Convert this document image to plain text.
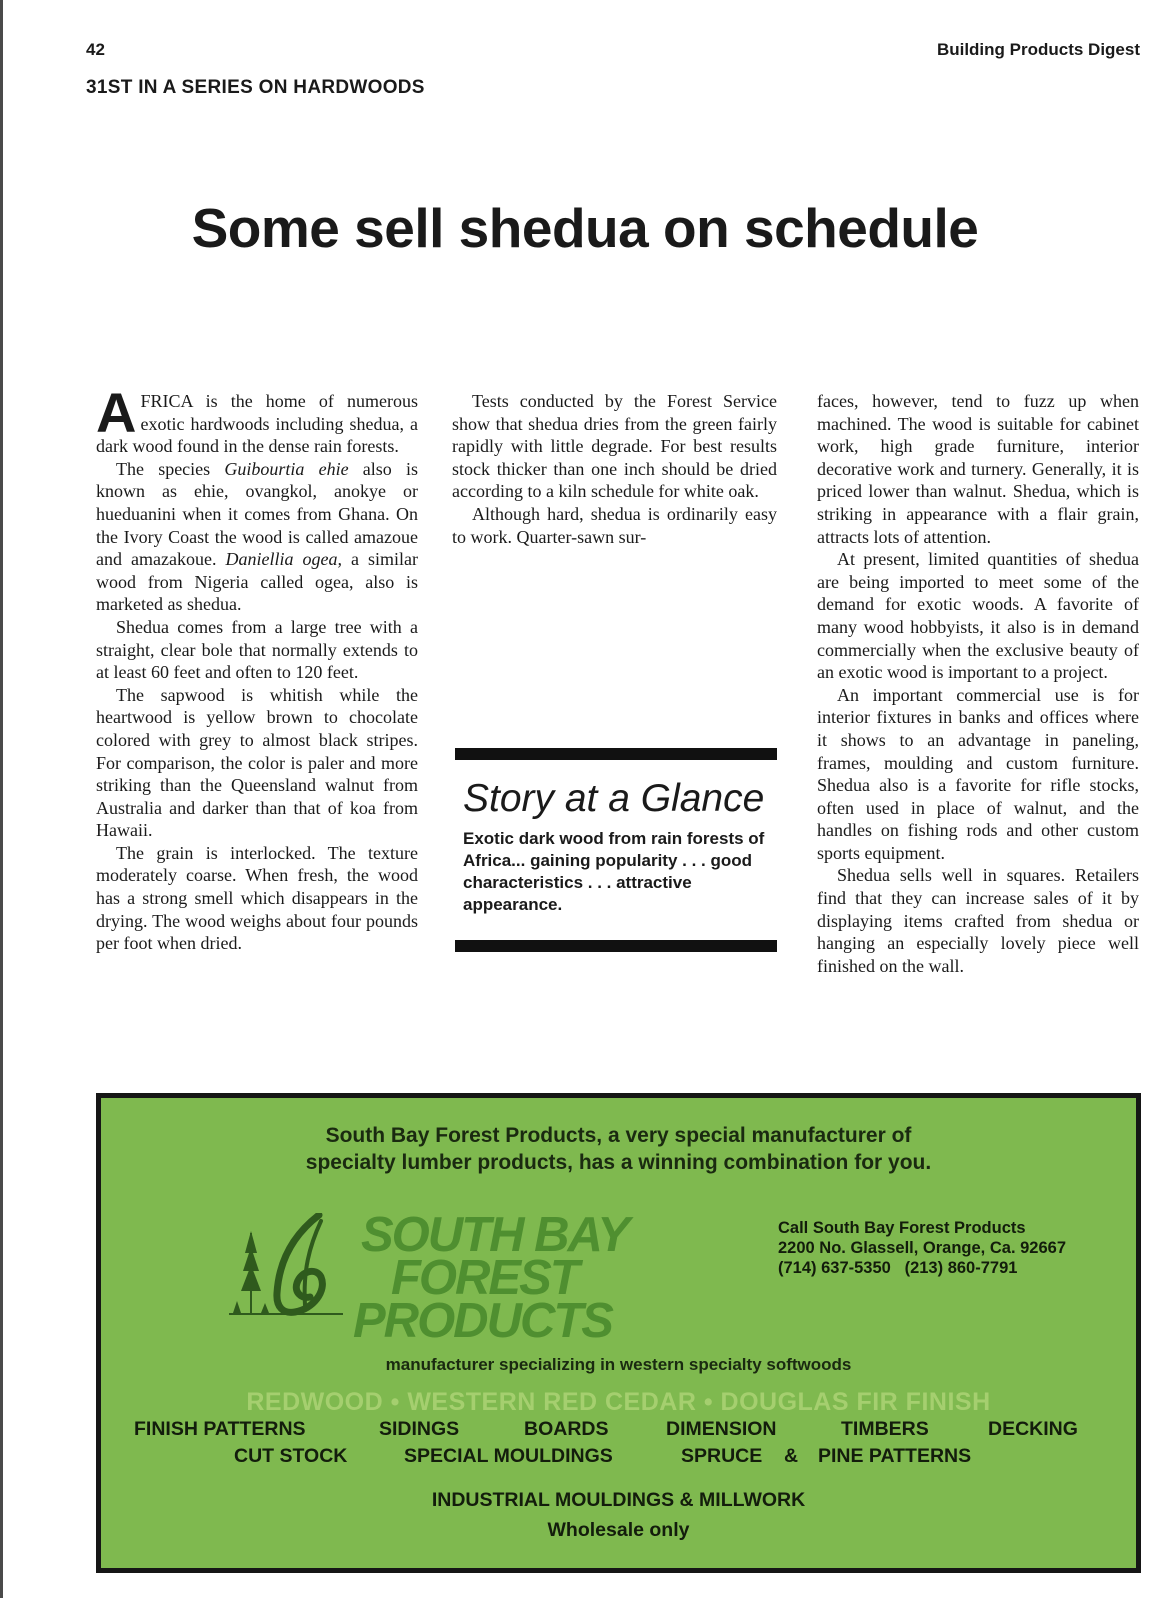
42	Building Products Digest
31ST IN A SERIES ON HARDWOODS
Some sell shedua on schedule

AFRICA is the home of numerous exotic hardwoods including shedua, a dark wood found in the dense rain forests.

The species Guibourtia ehie also is known as ehie, ovangkol, anokye or hueduanini when it comes from Ghana. On the Ivory Coast the wood is called amazoue and amazakoue. Daniellia ogea, a similar wood from Nigeria called ogea, also is marketed as shedua.

Shedua comes from a large tree with a straight, clear bole that normally extends to at least 60 feet and often to 120 feet.

The sapwood is whitish while the heartwood is yellow brown to chocolate colored with grey to almost black stripes. For comparison, the color is paler and more striking than the Queensland walnut from Australia and darker than that of koa from Hawaii.

The grain is interlocked. The texture moderately coarse. When fresh, the wood has a strong smell which disappears in the drying. The wood weighs about four pounds per foot when dried.

Tests conducted by the Forest Service show that shedua dries from the green fairly rapidly with little degrade. For best results stock thicker than one inch should be dried according to a kiln schedule for white oak.

Although hard, shedua is ordinarily easy to work. Quarter-sawn sur-

Story at a Glance
Exotic dark wood from rain forests of Africa... gaining popularity . . . good characteristics . . . attractive appearance.

faces, however, tend to fuzz up when machined. The wood is suitable for cabinet work, high grade furniture, interior decorative work and turnery. Generally, it is priced lower than walnut. Shedua, which is striking in appearance with a flair grain, attracts lots of attention.

At present, limited quantities of shedua are being imported to meet some of the demand for exotic woods. A favorite of many wood hobbyists, it also is in demand commercially when the exclusive beauty of an exotic wood is important to a project.

An important commercial use is for interior fixtures in banks and offices where it shows to an advantage in paneling, frames, moulding and custom furniture. Shedua also is a favorite for rifle stocks, often used in place of walnut, and the handles on fishing rods and other custom sports equipment.

Shedua sells well in squares. Retailers find that they can increase sales of it by displaying items crafted from shedua or hanging an especially lovely piece well finished on the wall.

South Bay Forest Products, a very special manufacturer of
specialty lumber products, has a winning combination for you.
SOUTH BAY
FOREST
PRODUCTS
Call South Bay Forest Products
2200 No. Glassell, Orange, Ca. 92667
(714) 637-5350   (213) 860-7791
manufacturer specializing in western specialty softwoods
REDWOOD • WESTERN RED CEDAR • DOUGLAS FIR FINISH
FINISH PATTERNS	SIDINGS	BOARDS	DIMENSION	TIMBERS	DECKING
CUT STOCK	SPECIAL MOULDINGS	SPRUCE & PINE PATTERNS
INDUSTRIAL MOULDINGS & MILLWORK
Wholesale only
